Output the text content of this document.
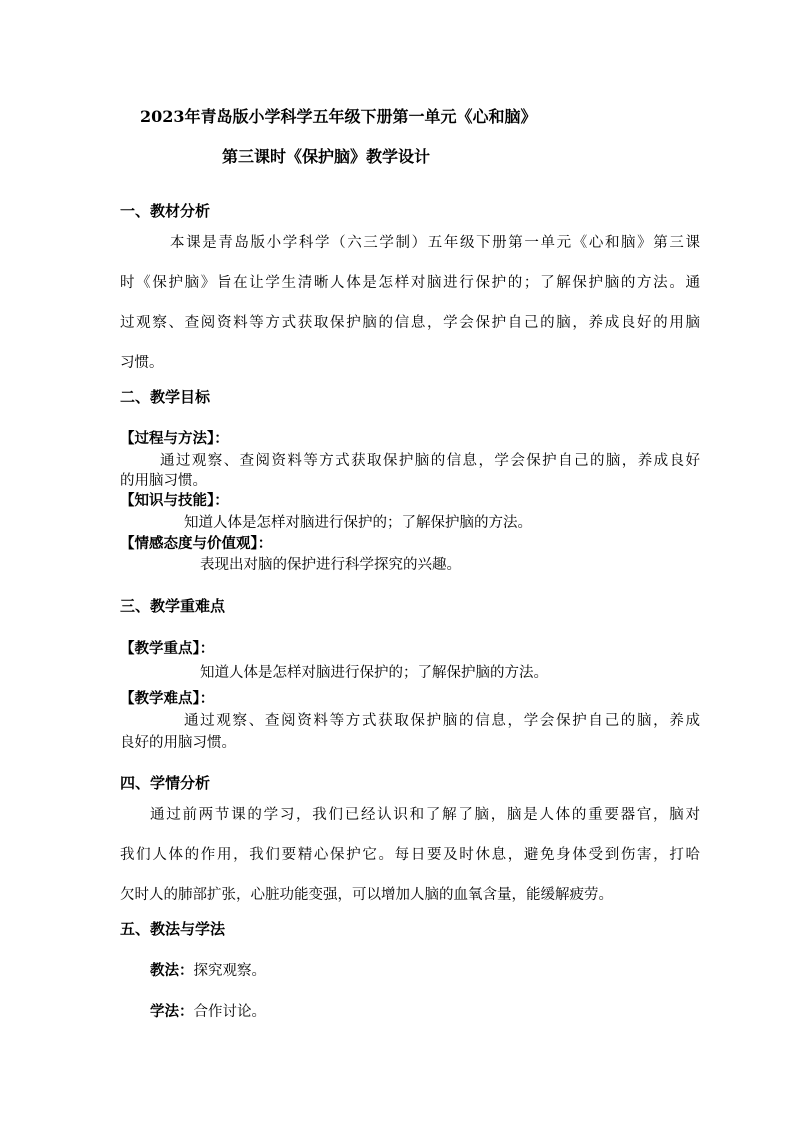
2023年青岛版小学科学五年级下册第一单元《心和脑》
第三课时《保护脑》教学设计
一、教材分析
本课是青岛版小学科学（六三学制）五年级下册第一单元《心和脑》第三课
时《保护脑》旨在让学生清晰人体是怎样对脑进行保护的；了解保护脑的方法。通
过观察、查阅资料等方式获取保护脑的信息，学会保护自己的脑，养成良好的用脑
习惯。
二、教学目标
【过程与方法】：
通过观察、查阅资料等方式获取保护脑的信息，学会保护自己的脑，养成良好
的用脑习惯。
【知识与技能】：
知道人体是怎样对脑进行保护的；了解保护脑的方法。
【情感态度与价值观】：
表现出对脑的保护进行科学探究的兴趣。
三、教学重难点
【教学重点】：
知道人体是怎样对脑进行保护的；了解保护脑的方法。
【教学难点】：
通过观察、查阅资料等方式获取保护脑的信息，学会保护自己的脑，养成
良好的用脑习惯。
四、学情分析
通过前两节课的学习，我们已经认识和了解了脑，脑是人体的重要器官，脑对
我们人体的作用，我们要精心保护它。每日要及时休息，避免身体受到伤害，打哈
欠时人的肺部扩张，心脏功能变强，可以增加人脑的血氧含量，能缓解疲劳。
五、教法与学法
教法：探究观察。
学法：合作讨论。
